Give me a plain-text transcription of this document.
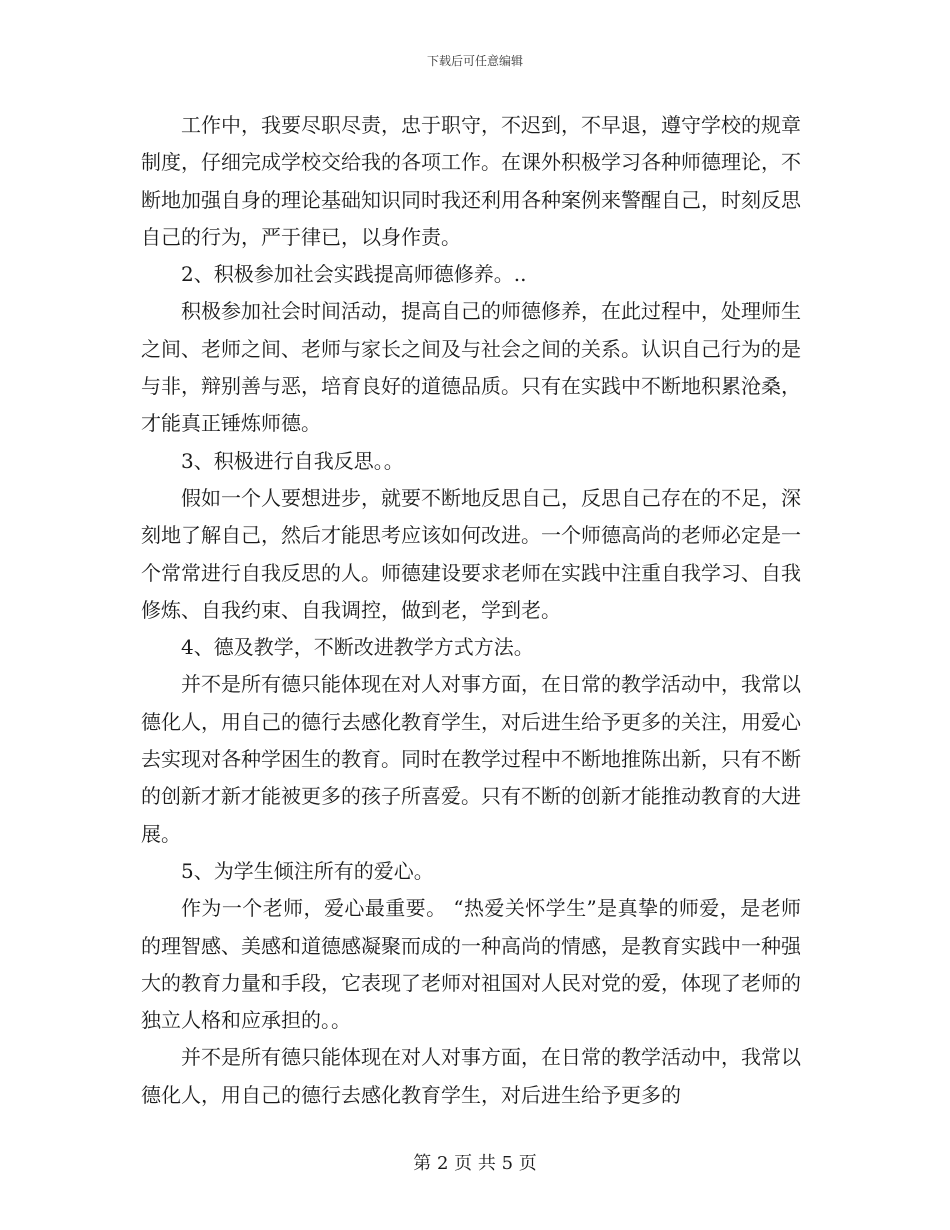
下载后可任意编辑

工作中，我要尽职尽责，忠于职守，不迟到，不早退，遵守学校的规章制度，仔细完成学校交给我的各项工作。在课外积极学习各种师德理论，不断地加强自身的理论基础知识同时我还利用各种案例来警醒自己，时刻反思自己的行为，严于律已，以身作责。

2、积极参加社会实践提高师德修养。..

积极参加社会时间活动，提高自己的师德修养，在此过程中，处理师生之间、老师之间、老师与家长之间及与社会之间的关系。认识自己行为的是与非，辩别善与恶，培育良好的道德品质。只有在实践中不断地积累沧桑，才能真正锤炼师德。

3、积极进行自我反思。。

假如一个人要想进步，就要不断地反思自己，反思自己存在的不足，深刻地了解自己，然后才能思考应该如何改进。一个师德高尚的老师必定是一个常常进行自我反思的人。师德建设要求老师在实践中注重自我学习、自我修炼、自我约束、自我调控，做到老，学到老。

4、德及教学，不断改进教学方式方法。

并不是所有德只能体现在对人对事方面，在日常的教学活动中，我常以德化人，用自己的德行去感化教育学生，对后进生给予更多的关注，用爱心去实现对各种学困生的教育。同时在教学过程中不断地推陈出新，只有不断的创新才新才能被更多的孩子所喜爱。只有不断的创新才能推动教育的大进展。

5、为学生倾注所有的爱心。

作为一个老师，爱心最重要。 “热爱关怀学生”是真挚的师爱，是老师的理智感、美感和道德感凝聚而成的一种高尚的情感，是教育实践中一种强大的教育力量和手段，它表现了老师对祖国对人民对党的爱，体现了老师的独立人格和应承担的。。

并不是所有德只能体现在对人对事方面，在日常的教学活动中，我常以德化人，用自己的德行去感化教育学生，对后进生给予更多的

第 2 页 共 5 页
